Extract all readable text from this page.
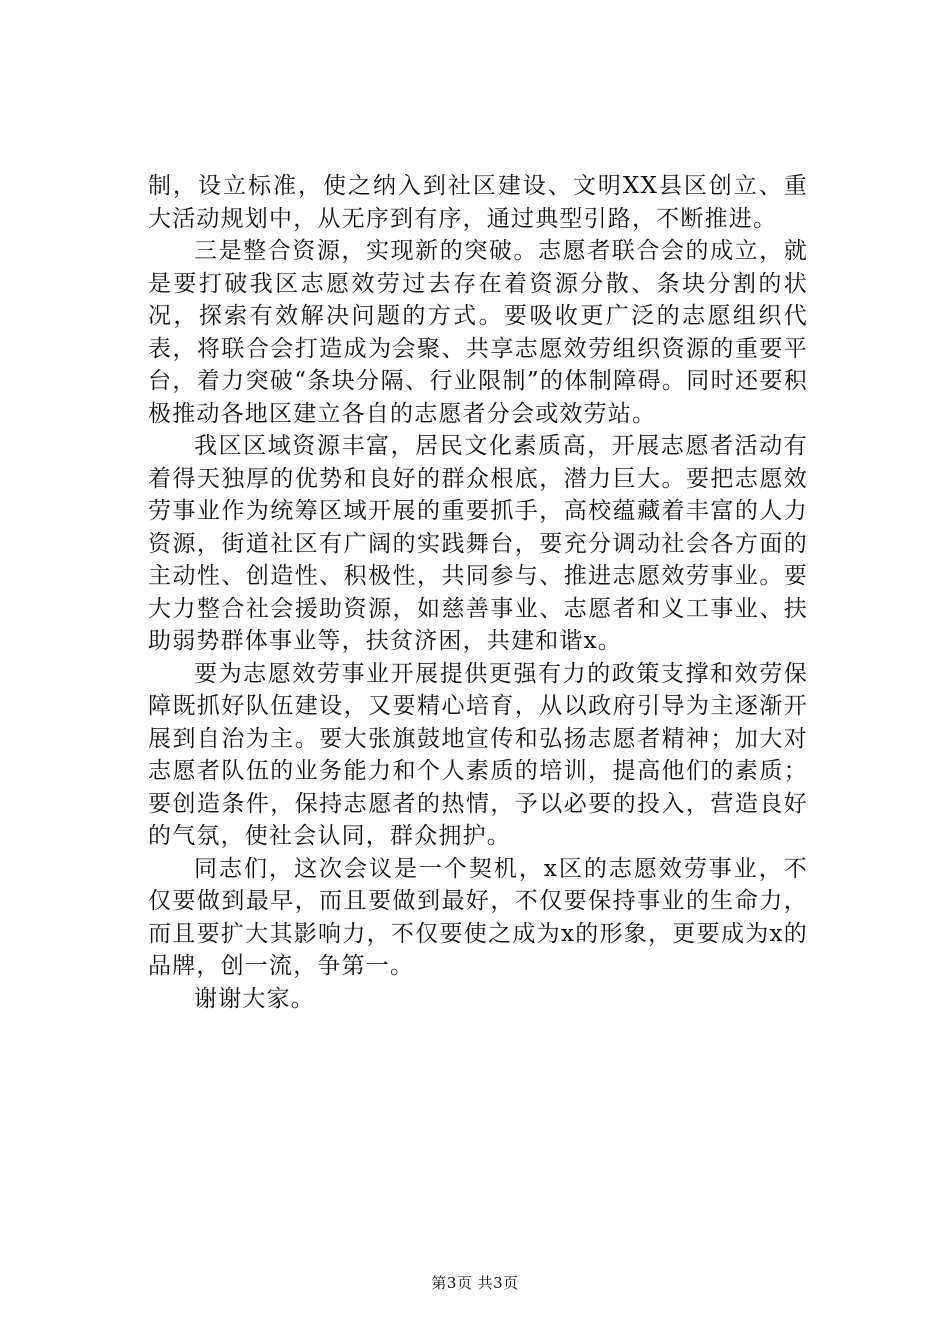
制，设立标准，使之纳入到社区建设、文明XX县区创立、重大活动规划中，从无序到有序，通过典型引路，不断推进。

三是整合资源，实现新的突破。志愿者联合会的成立，就是要打破我区志愿效劳过去存在着资源分散、条块分割的状况，探索有效解决问题的方式。要吸收更广泛的志愿组织代表，将联合会打造成为会聚、共享志愿效劳组织资源的重要平台，着力突破“条块分隔、行业限制”的体制障碍。同时还要积极推动各地区建立各自的志愿者分会或效劳站。

我区区域资源丰富，居民文化素质高，开展志愿者活动有着得天独厚的优势和良好的群众根底，潜力巨大。要把志愿效劳事业作为统筹区域开展的重要抓手，高校蕴藏着丰富的人力资源，街道社区有广阔的实践舞台，要充分调动社会各方面的主动性、创造性、积极性，共同参与、推进志愿效劳事业。要大力整合社会援助资源，如慈善事业、志愿者和义工事业、扶助弱势群体事业等，扶贫济困，共建和谐x。

要为志愿效劳事业开展提供更强有力的政策支撑和效劳保障既抓好队伍建设，又要精心培育，从以政府引导为主逐渐开展到自治为主。要大张旗鼓地宣传和弘扬志愿者精神；加大对志愿者队伍的业务能力和个人素质的培训，提高他们的素质；要创造条件，保持志愿者的热情，予以必要的投入，营造良好的气氛，使社会认同，群众拥护。

同志们，这次会议是一个契机，x区的志愿效劳事业，不仅要做到最早，而且要做到最好，不仅要保持事业的生命力，而且要扩大其影响力，不仅要使之成为x的形象，更要成为x的品牌，创一流，争第一。

谢谢大家。

第3页 共3页
